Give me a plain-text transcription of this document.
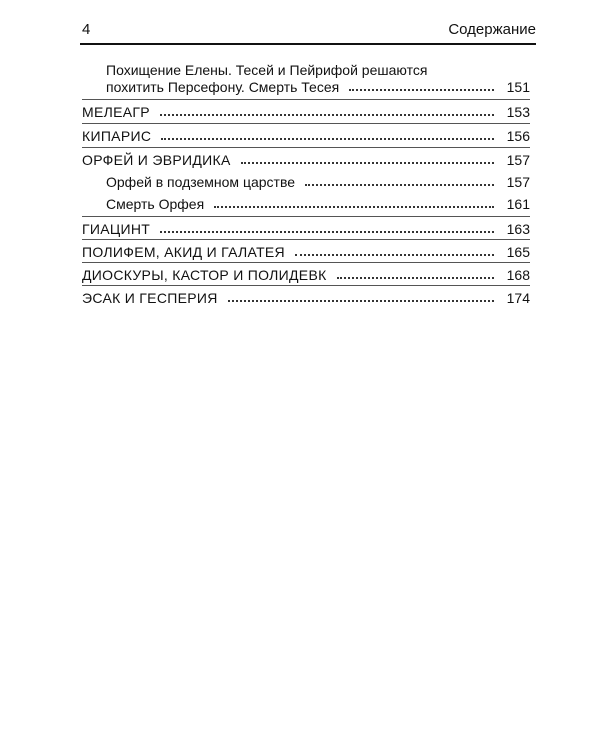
4	Содержание
Похищение Елены. Тесей и Пейрифой решаются
похитить Персефону. Смерть Тесея	151
МЕЛЕАГР	153
КИПАРИС	156
ОРФЕЙ И ЭВРИДИКА	157
Орфей в подземном царстве	157
Смерть Орфея	161
ГИАЦИНТ	163
ПОЛИФЕМ, АКИД И ГАЛАТЕЯ	165
ДИОСКУРЫ, КАСТОР И ПОЛИДЕВК	168
ЭСАК И ГЕСПЕРИЯ	174
